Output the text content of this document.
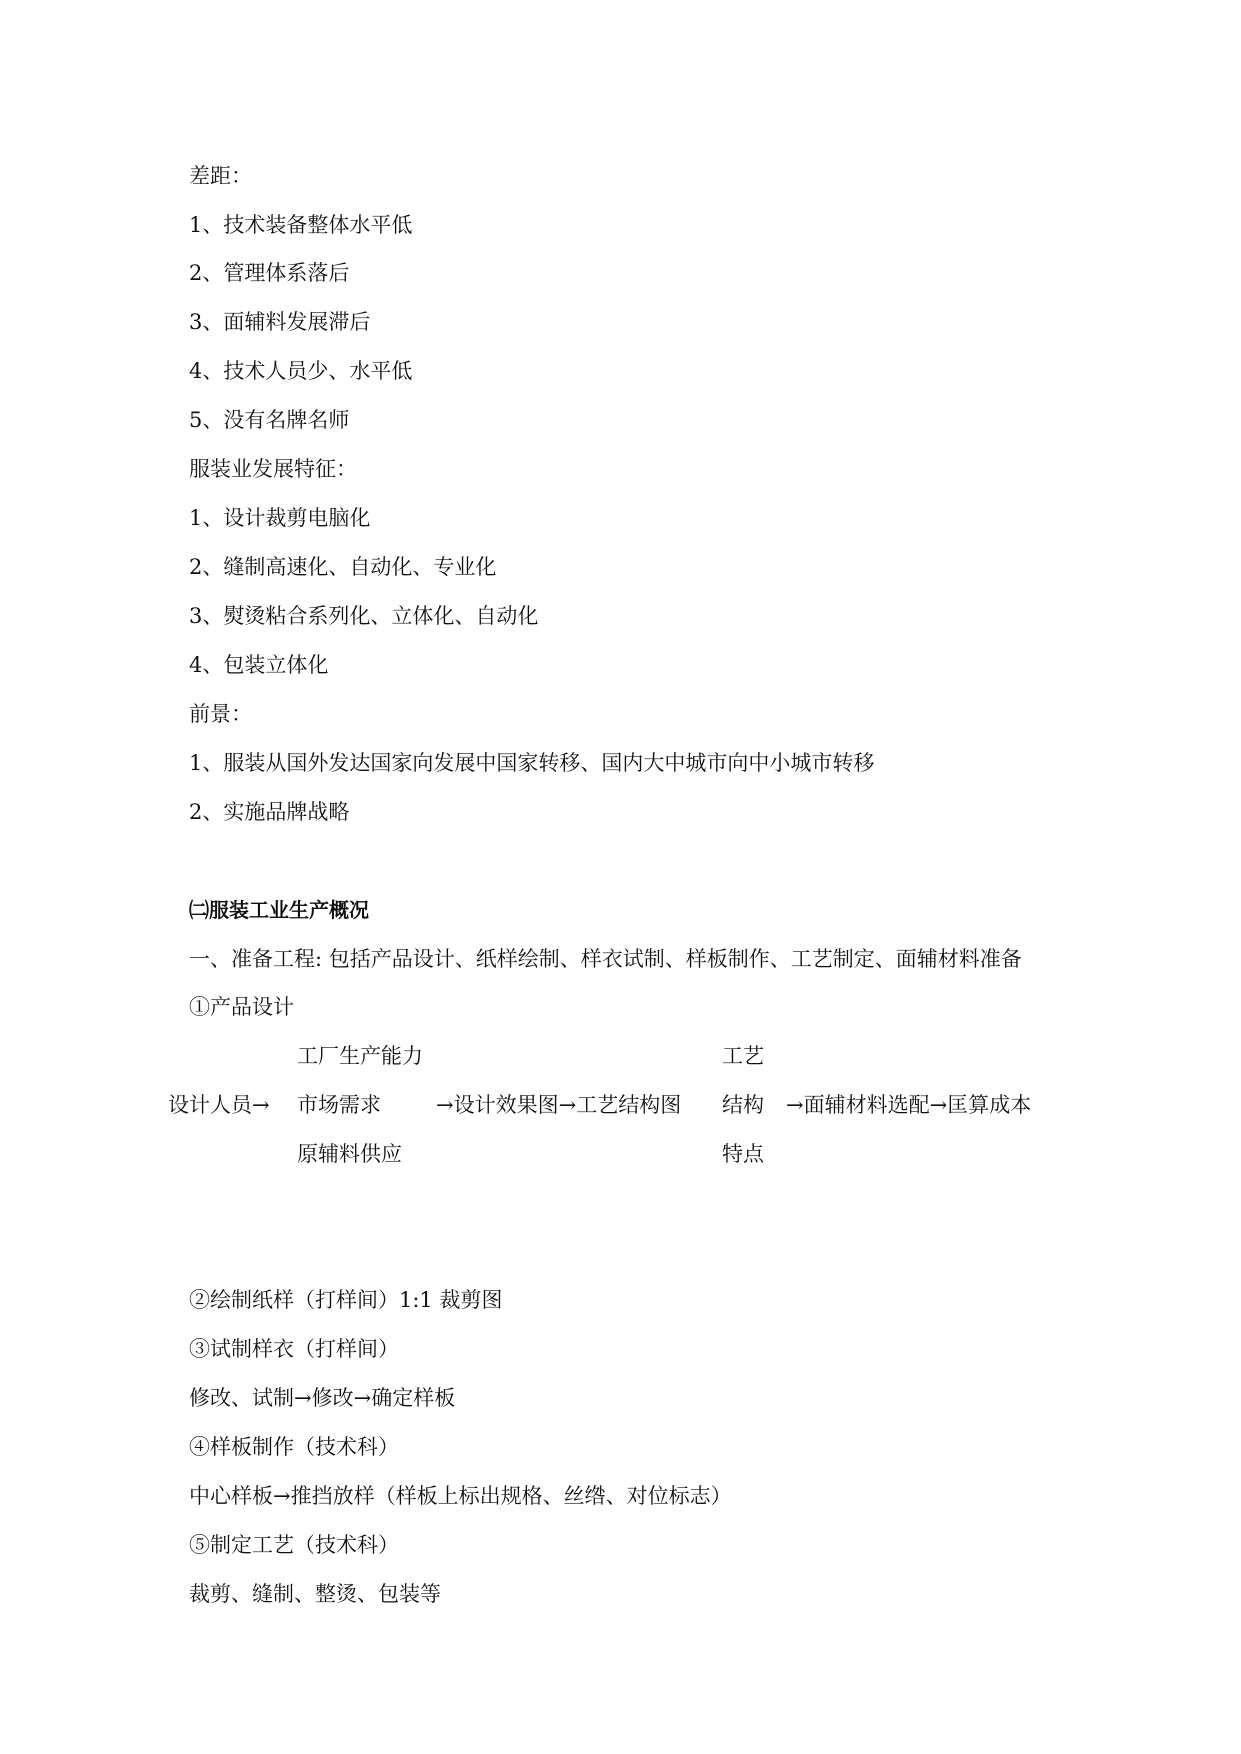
差距：
1、技术装备整体水平低
2、管理体系落后
3、面辅料发展滞后
4、技术人员少、水平低
5、没有名牌名师
服装业发展特征：
1、设计裁剪电脑化
2、缝制高速化、自动化、专业化
3、熨烫粘合系列化、立体化、自动化
4、包装立体化
前景：
1、服装从国外发达国家向发展中国家转移、国内大中城市向中小城市转移
2、实施品牌战略
㈡服装工业生产概况
一、准备工程: 包括产品设计、纸样绘制、样衣试制、样板制作、工艺制定、面辅材料准备
①产品设计
工厂生产能力	工艺
设计人员→ 市场需求	→设计效果图→工艺结构图 结构 →面辅材料选配→匡算成本
原辅料供应	特点
②绘制纸样（打样间）1:1 裁剪图
③试制样衣（打样间）
修改、试制→修改→确定样板
④样板制作（技术科）
中心样板→推挡放样（样板上标出规格、丝绺、对位标志）
⑤制定工艺（技术科）
裁剪、缝制、整烫、包装等
